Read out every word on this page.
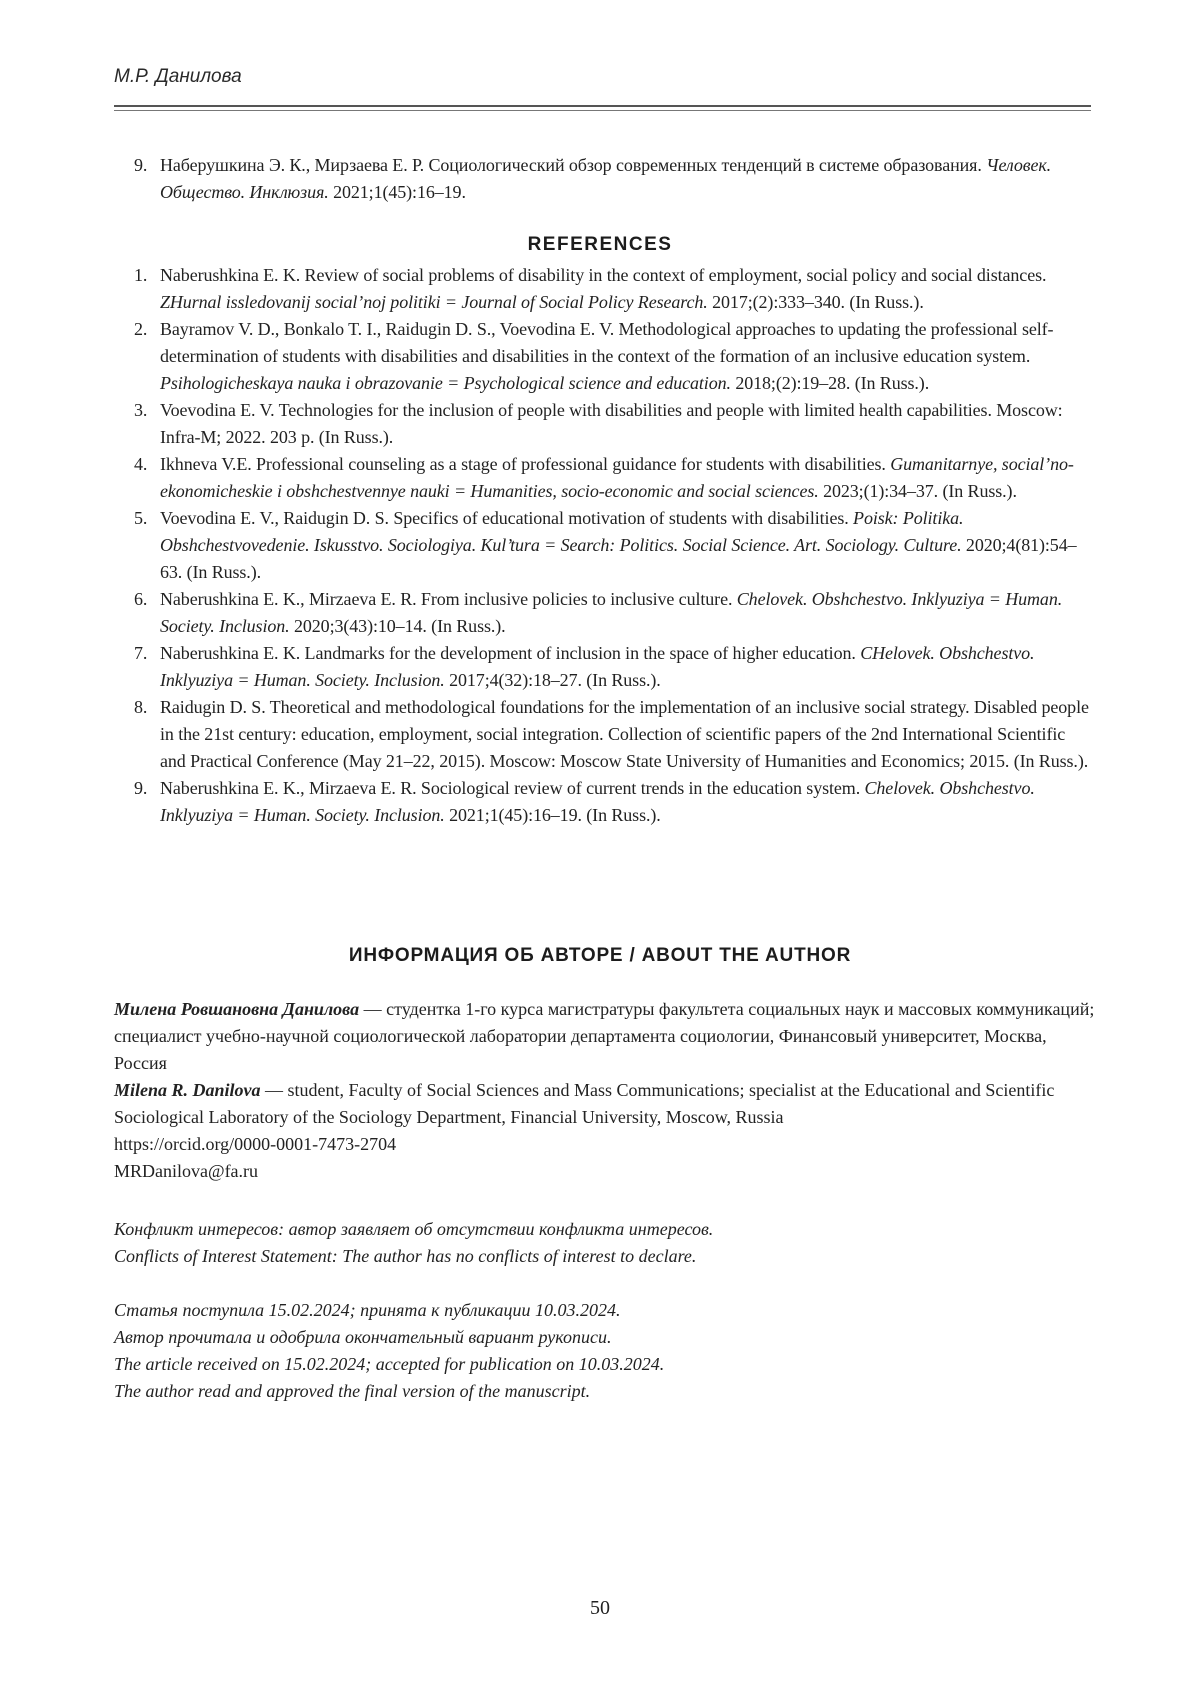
М.Р. Данилова
9. Наберушкина Э. К., Мирзаева Е. Р. Социологический обзор современных тенденций в системе образования. Человек. Общество. Инклюзия. 2021;1(45):16–19.
REFERENCES
1. Naberushkina E. K. Review of social problems of disability in the context of employment, social policy and social distances. ZHurnal issledovanij social’noj politiki = Journal of Social Policy Research. 2017;(2):333–340. (In Russ.).
2. Bayramov V. D., Bonkalo T. I., Raidugin D. S., Voevodina E. V. Methodological approaches to updating the professional self-determination of students with disabilities and disabilities in the context of the formation of an inclusive education system. Psihologicheskaya nauka i obrazovanie = Psychological science and education. 2018;(2):19–28. (In Russ.).
3. Voevodina E. V. Technologies for the inclusion of people with disabilities and people with limited health capabilities. Moscow: Infra-M; 2022. 203 p. (In Russ.).
4. Ikhneva V.E. Professional counseling as a stage of professional guidance for students with disabilities. Gumanitarnye, social’no-ekonomicheskie i obshchestvennye nauki = Humanities, socio-economic and social sciences. 2023;(1):34–37. (In Russ.).
5. Voevodina E. V., Raidugin D. S. Specifics of educational motivation of students with disabilities. Poisk: Politika. Obshchestvovedenie. Iskusstvo. Sociologiya. Kul’tura = Search: Politics. Social Science. Art. Sociology. Culture. 2020;4(81):54–63. (In Russ.).
6. Naberushkina E. K., Mirzaeva E. R. From inclusive policies to inclusive culture. Chelovek. Obshchestvo. Inklyuziya = Human. Society. Inclusion. 2020;3(43):10–14. (In Russ.).
7. Naberushkina E. K. Landmarks for the development of inclusion in the space of higher education. CHelovek. Obshchestvo. Inklyuziya = Human. Society. Inclusion. 2017;4(32):18–27. (In Russ.).
8. Raidugin D. S. Theoretical and methodological foundations for the implementation of an inclusive social strategy. Disabled people in the 21st century: education, employment, social integration. Collection of scientific papers of the 2nd International Scientific and Practical Conference (May 21–22, 2015). Moscow: Moscow State University of Humanities and Economics; 2015. (In Russ.).
9. Naberushkina E. K., Mirzaeva E. R. Sociological review of current trends in the education system. Chelovek. Obshchestvo. Inklyuziya = Human. Society. Inclusion. 2021;1(45):16–19. (In Russ.).
ИНФОРМАЦИЯ ОБ АВТОРЕ / ABOUT THE AUTHOR

Милена Ровшановна Данилова — студентка 1-го курса магистратуры факультета социальных наук и массовых коммуникаций; специалист учебно-научной социологической лаборатории департамента социологии, Финансовый университет, Москва, Россия

Milena R. Danilova — student, Faculty of Social Sciences and Mass Communications; specialist at the Educational and Scientific Sociological Laboratory of the Sociology Department, Financial University, Moscow, Russia

https://orcid.org/0000-0001-7473-2704

MRDanilova@fa.ru

Конфликт интересов: автор заявляет об отсутствии конфликта интересов.

Conflicts of Interest Statement: The author has no conflicts of interest to declare.

Статья поступила 15.02.2024; принята к публикации 10.03.2024.

Автор прочитала и одобрила окончательный вариант рукописи.

The article received on 15.02.2024; accepted for publication on 10.03.2024.

The author read and approved the final version of the manuscript.

50
